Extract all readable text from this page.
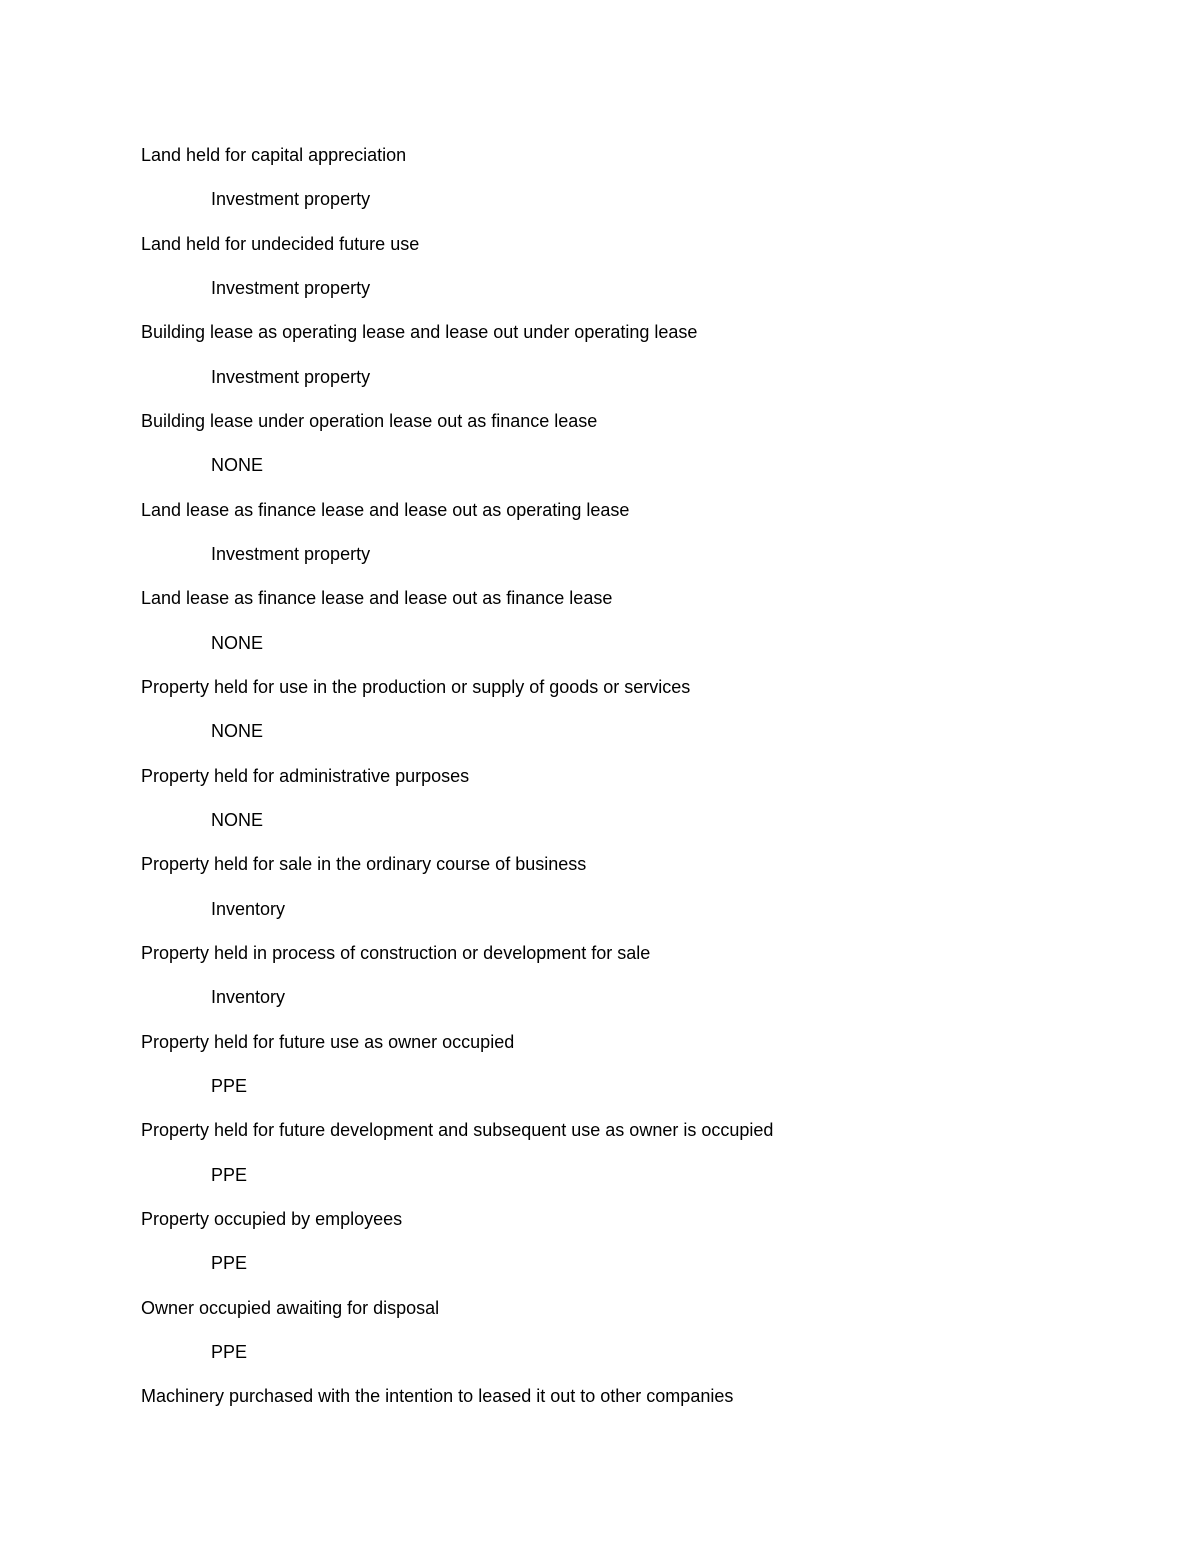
Land held for capital appreciation
Investment property
Land held for undecided future use
Investment property
Building lease as operating lease and lease out under operating lease
Investment property
Building lease under operation lease out as finance lease
NONE
Land lease as finance lease and lease out as operating lease
Investment property
Land lease as finance lease and lease out as finance lease
NONE
Property held for use in the production or supply of goods or services
NONE
Property held for administrative purposes
NONE
Property held for sale in the ordinary course of business
Inventory
Property held in process of construction or development for sale
Inventory
Property held for future use as owner occupied
PPE
Property held for future development and subsequent use as owner is occupied
PPE
Property occupied by employees
PPE
Owner occupied awaiting for disposal
PPE
Machinery purchased with the intention to leased it out to other companies
